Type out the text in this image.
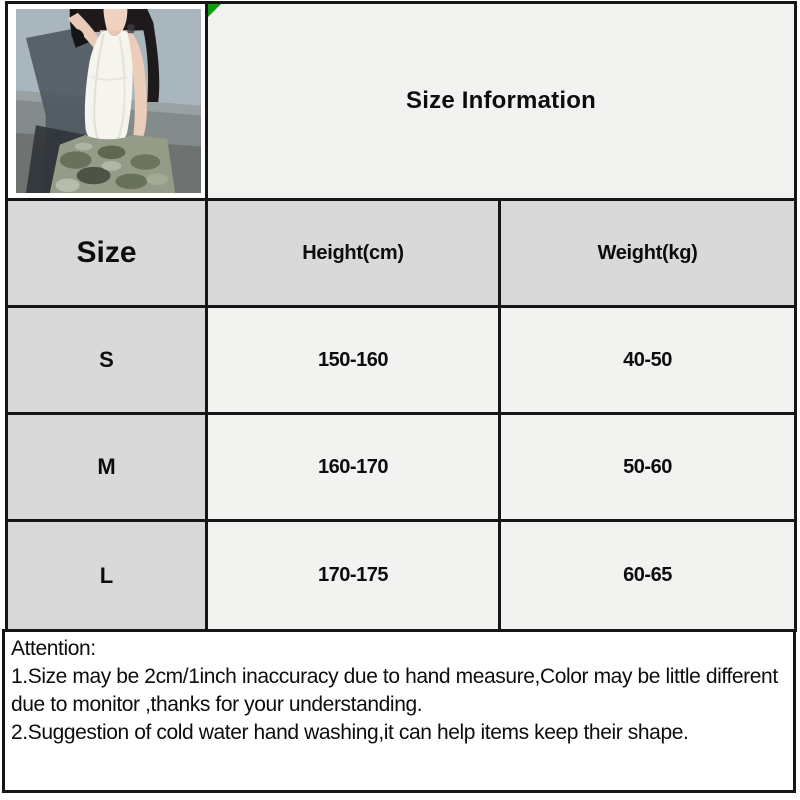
Size Information
Size	Height(cm)	Weight(kg)
S	150-160	40-50
M	160-170	50-60
L	170-175	60-65

Attention:

1.Size may be 2cm/1inch inaccuracy due to hand measure,Color may be little different due to monitor ,thanks for your understanding.

2.Suggestion of cold water hand washing,it can help items keep their shape.
